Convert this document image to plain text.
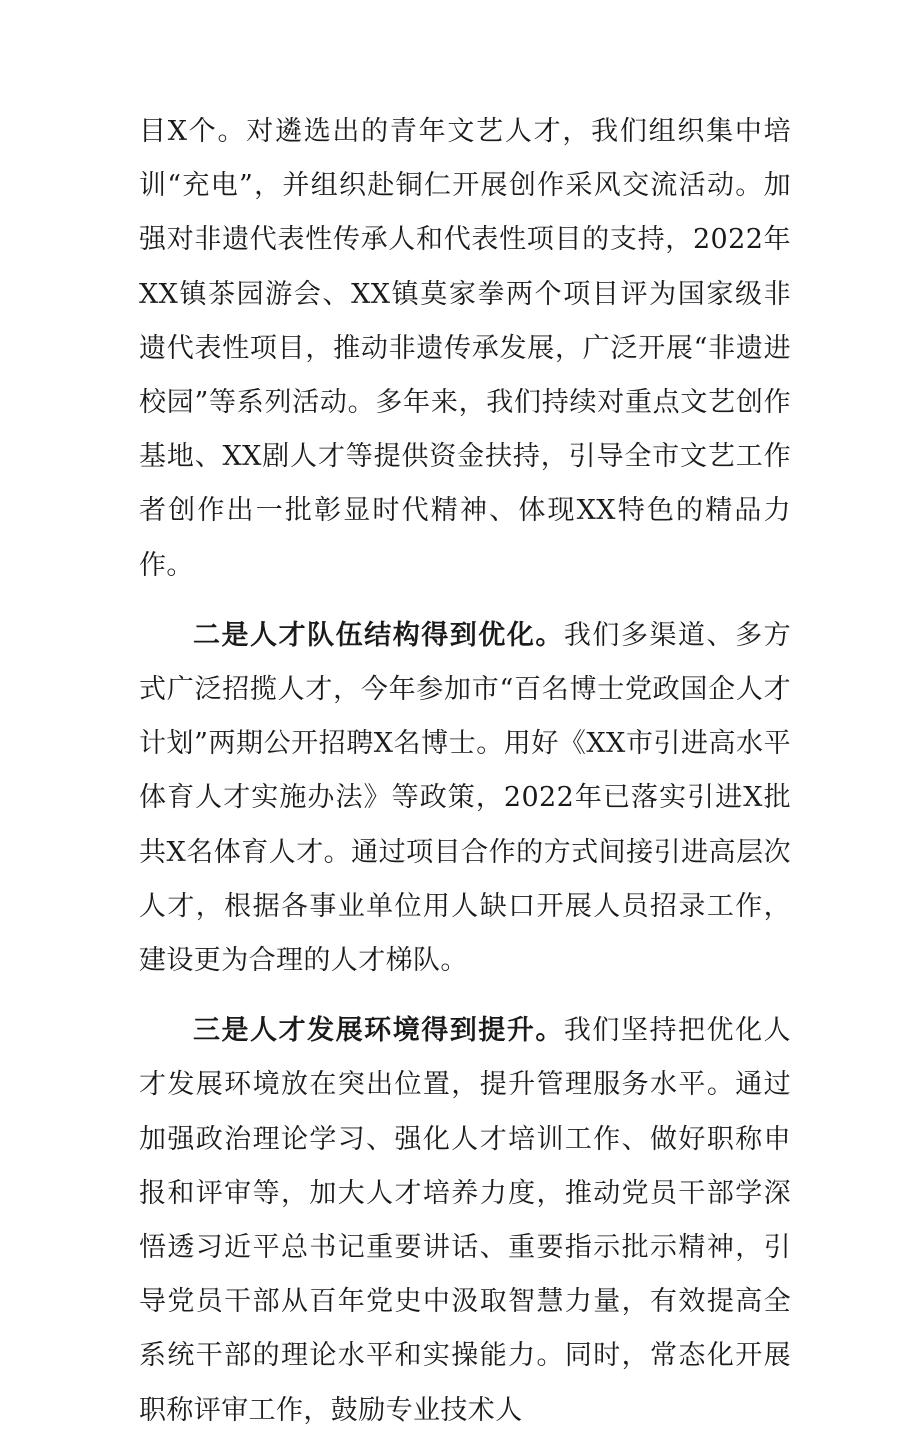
目X个。对遴选出的青年文艺人才，我们组织集中培训“充电”，并组织赴铜仁开展创作采风交流活动。加强对非遗代表性传承人和代表性项目的支持，2022年XX镇茶园游会、XX镇莫家拳两个项目评为国家级非遗代表性项目，推动非遗传承发展，广泛开展“非遗进校园”等系列活动。多年来，我们持续对重点文艺创作基地、XX剧人才等提供资金扶持，引导全市文艺工作者创作出一批彰显时代精神、体现XX特色的精品力作。

二是人才队伍结构得到优化。我们多渠道、多方式广泛招揽人才，今年参加市“百名博士党政国企人才计划”两期公开招聘X名博士。用好《XX市引进高水平体育人才实施办法》等政策，2022年已落实引进X批共X名体育人才。通过项目合作的方式间接引进高层次人才，根据各事业单位用人缺口开展人员招录工作，建设更为合理的人才梯队。

三是人才发展环境得到提升。我们坚持把优化人才发展环境放在突出位置，提升管理服务水平。通过加强政治理论学习、强化人才培训工作、做好职称申报和评审等，加大人才培养力度，推动党员干部学深悟透习近平总书记重要讲话、重要指示批示精神，引导党员干部从百年党史中汲取智慧力量，有效提高全系统干部的理论水平和实操能力。同时，常态化开展职称评审工作，鼓励专业技术人
